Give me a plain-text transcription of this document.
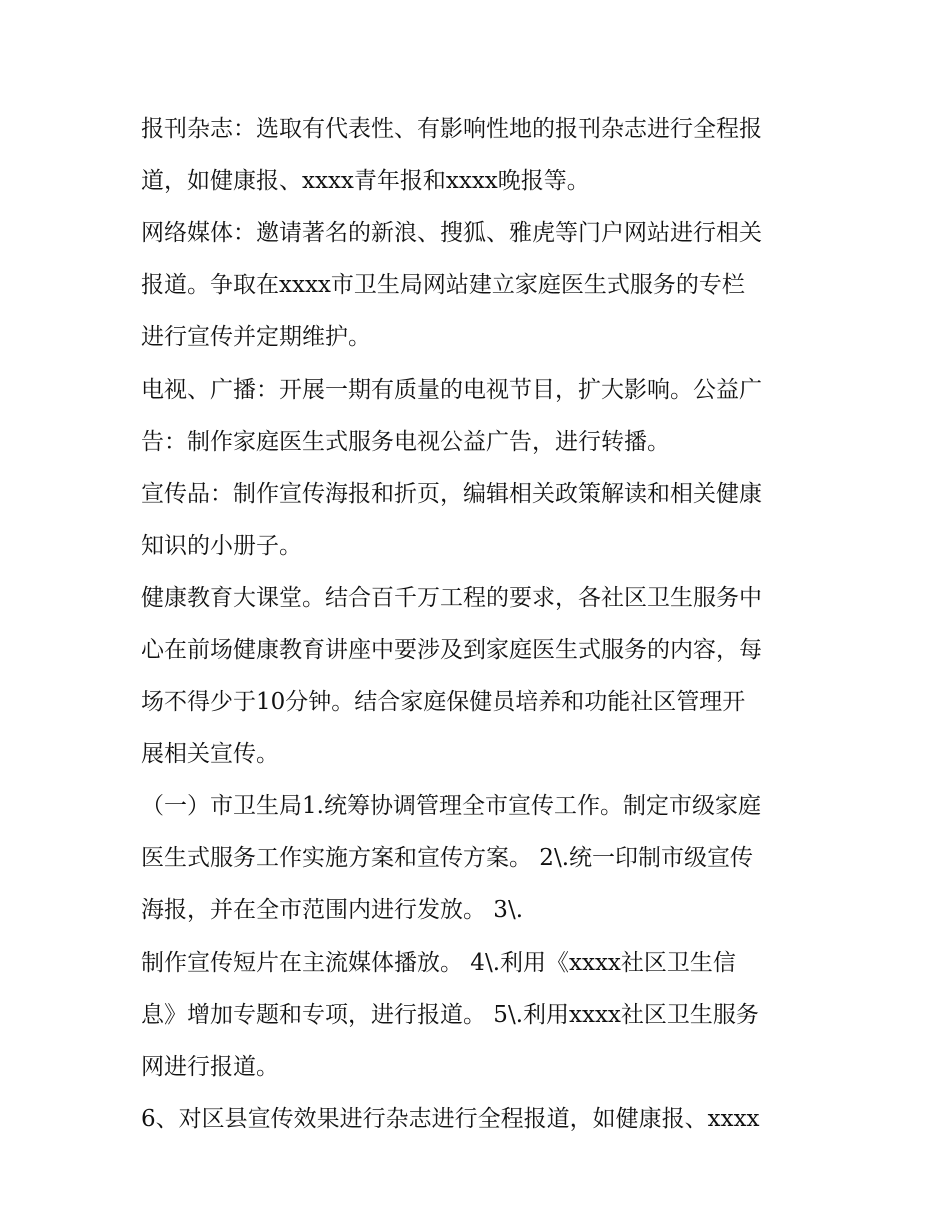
报刊杂志：选取有代表性、有影响性地的报刊杂志进行全程报
道，如健康报、xxxx青年报和xxxx晚报等。
网络媒体：邀请著名的新浪、搜狐、雅虎等门户网站进行相关
报道。争取在xxxx市卫生局网站建立家庭医生式服务的专栏
进行宣传并定期维护。
电视、广播：开展一期有质量的电视节目，扩大影响。公益广
告：制作家庭医生式服务电视公益广告，进行转播。
宣传品：制作宣传海报和折页，编辑相关政策解读和相关健康
知识的小册子。
健康教育大课堂。结合百千万工程的要求，各社区卫生服务中
心在前场健康教育讲座中要涉及到家庭医生式服务的内容，每
场不得少于10分钟。结合家庭保健员培养和功能社区管理开
展相关宣传。
（一）市卫生局1.统筹协调管理全市宣传工作。制定市级家庭
医生式服务工作实施方案和宣传方案。 2\.统一印制市级宣传
海报，并在全市范围内进行发放。 3\.
制作宣传短片在主流媒体播放。 4\.利用《xxxx社区卫生信
息》增加专题和专项，进行报道。 5\.利用xxxx社区卫生服务
网进行报道。
6、对区县宣传效果进行杂志进行全程报道，如健康报、xxxx
